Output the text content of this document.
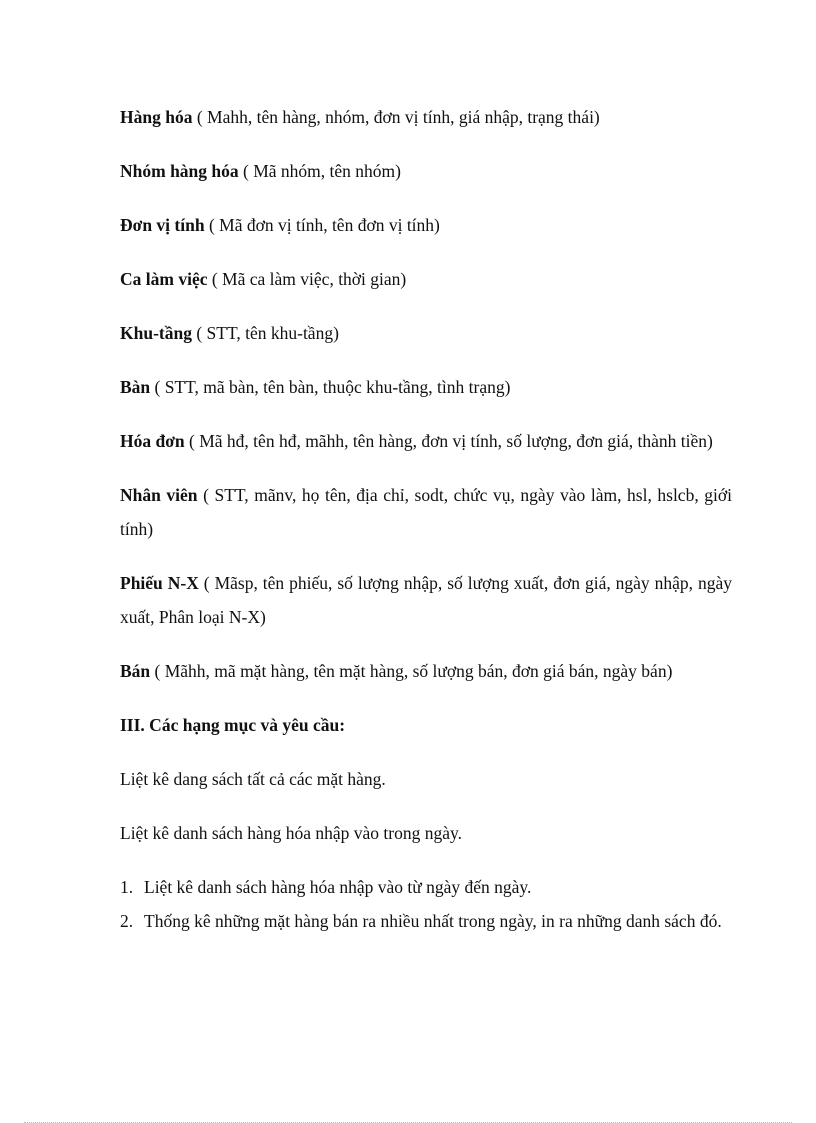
Hàng hóa ( Mahh, tên hàng, nhóm, đơn vị tính, giá nhập, trạng thái)

Nhóm hàng hóa ( Mã nhóm, tên nhóm)

Đơn vị tính ( Mã đơn vị tính, tên đơn vị tính)

Ca làm việc ( Mã ca làm việc, thời gian)

Khu-tầng ( STT, tên khu-tầng)

Bàn ( STT, mã bàn, tên bàn, thuộc khu-tầng, tình trạng)

Hóa đơn ( Mã hđ, tên hđ, mãhh, tên hàng, đơn vị tính, số lượng, đơn giá, thành tiền)

Nhân viên ( STT, mãnv, họ tên, địa chỉ, sodt, chức vụ, ngày vào làm, hsl, hslcb, giới tính)

Phiếu N-X ( Mãsp, tên phiếu, số lượng nhập, số lượng xuất, đơn giá, ngày nhập, ngày xuất, Phân loại N-X)

Bán ( Mãhh, mã mặt hàng, tên mặt hàng, số lượng bán, đơn giá bán, ngày bán)

III. Các hạng mục và yêu cầu:

Liệt kê dang sách tất cả các mặt hàng.

Liệt kê danh sách hàng hóa nhập vào trong ngày.

1. Liệt kê danh sách hàng hóa nhập vào từ ngày đến ngày.
2. Thống kê những mặt hàng bán ra nhiều nhất trong ngày, in ra những danh sách đó.
